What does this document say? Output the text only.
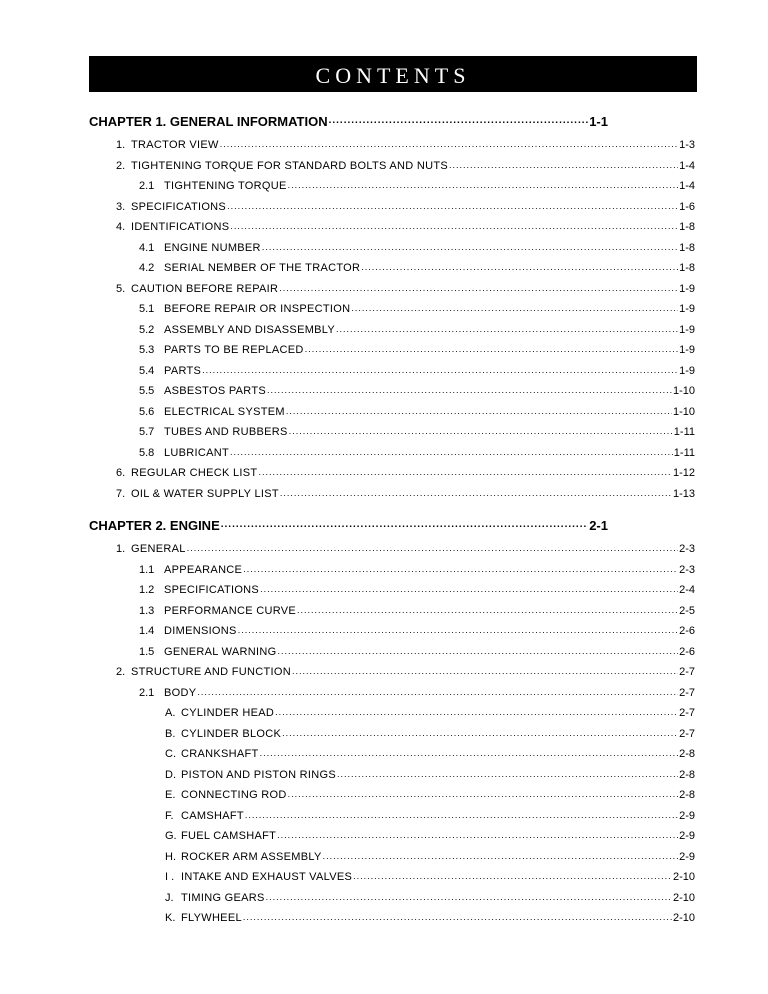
CONTENTS
CHAPTER 1. GENERAL INFORMATION .....	1-1
1. TRACTOR VIEW .....	1-3
2. TIGHTENING TORQUE FOR STANDARD BOLTS AND NUTS .....	1-4
2.1 TIGHTENING TORQUE .....	1-4
3. SPECIFICATIONS .....	1-6
4. IDENTIFICATIONS .....	1-8
4.1 ENGINE NUMBER .....	1-8
4.2 SERIAL NEMBER OF THE TRACTOR .....	1-8
5. CAUTION BEFORE REPAIR .....	1-9
5.1 BEFORE REPAIR OR INSPECTION .....	1-9
5.2 ASSEMBLY AND DISASSEMBLY .....	1-9
5.3 PARTS TO BE REPLACED .....	1-9
5.4 PARTS .....	1-9
5.5 ASBESTOS PARTS .....	1-10
5.6 ELECTRICAL SYSTEM .....	1-10
5.7 TUBES AND RUBBERS .....	1-11
5.8 LUBRICANT .....	1-11
6. REGULAR CHECK LIST .....	1-12
7. OIL & WATER SUPPLY LIST .....	1-13
CHAPTER 2. ENGINE .....	2-1
1. GENERAL .....	2-3
1.1 APPEARANCE .....	2-3
1.2 SPECIFICATIONS .....	2-4
1.3 PERFORMANCE CURVE .....	2-5
1.4 DIMENSIONS .....	2-6
1.5 GENERAL WARNING .....	2-6
2. STRUCTURE AND FUNCTION .....	2-7
2.1 BODY .....	2-7
A. CYLINDER HEAD .....	2-7
B. CYLINDER BLOCK .....	2-7
C. CRANKSHAFT .....	2-8
D. PISTON AND PISTON RINGS .....	2-8
E. CONNECTING ROD .....	2-8
F. CAMSHAFT .....	2-9
G. FUEL CAMSHAFT .....	2-9
H. ROCKER ARM ASSEMBLY .....	2-9
I . INTAKE AND EXHAUST VALVES .....	2-10
J. TIMING GEARS .....	2-10
K. FLYWHEEL .....	2-10
